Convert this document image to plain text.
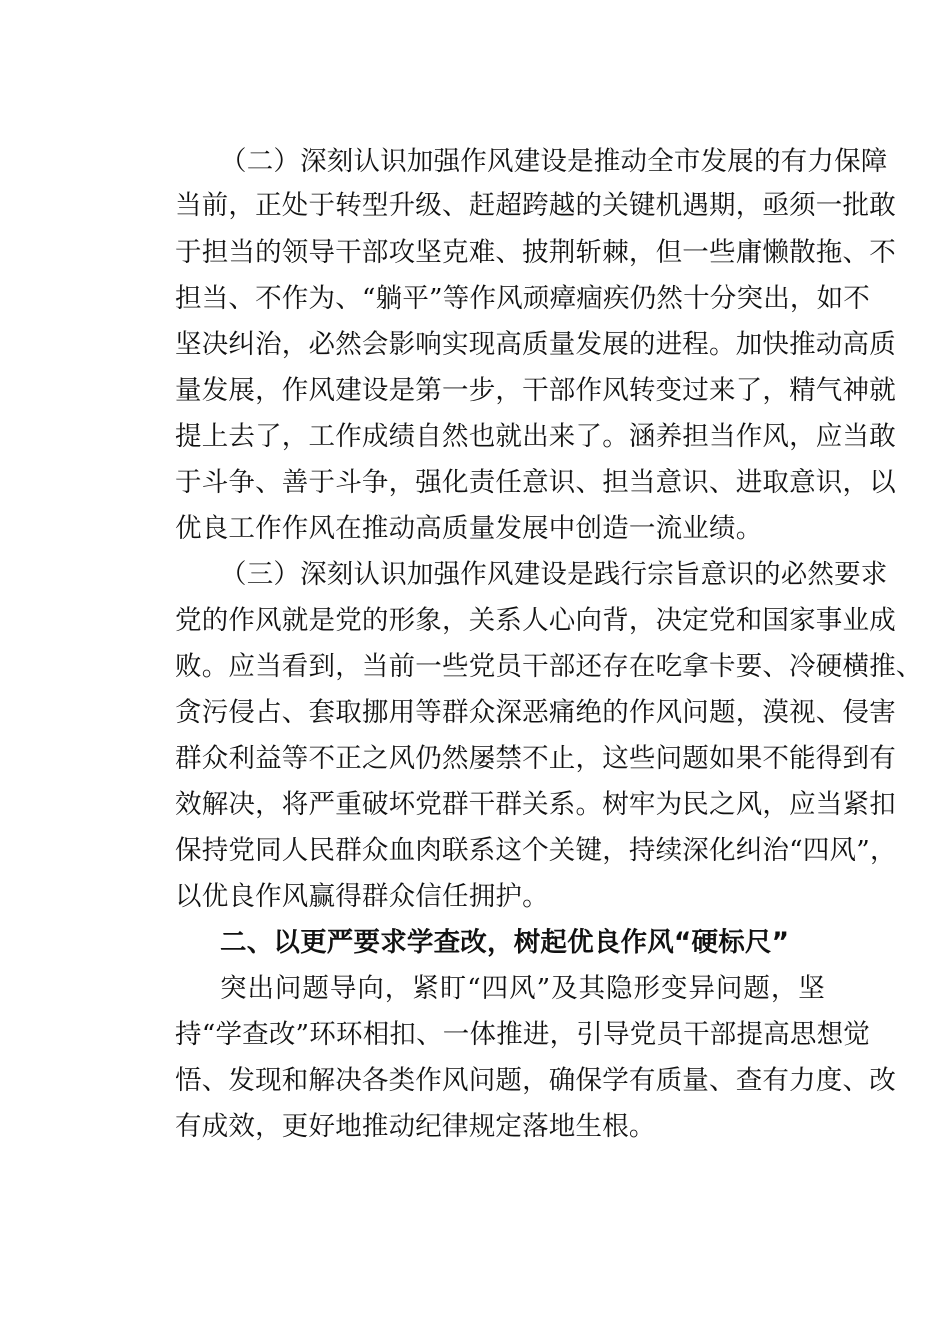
（二）深刻认识加强作风建设是推动全市发展的有力保障
当前，正处于转型升级、赶超跨越的关键机遇期，亟须一批敢
于担当的领导干部攻坚克难、披荆斩棘，但一些庸懒散拖、不
担当、不作为、“躺平”等作风顽瘴痼疾仍然十分突出，如不
坚决纠治，必然会影响实现高质量发展的进程。加快推动高质
量发展，作风建设是第一步，干部作风转变过来了，精气神就
提上去了，工作成绩自然也就出来了。涵养担当作风，应当敢
于斗争、善于斗争，强化责任意识、担当意识、进取意识，以
优良工作作风在推动高质量发展中创造一流业绩。
（三）深刻认识加强作风建设是践行宗旨意识的必然要求
党的作风就是党的形象，关系人心向背，决定党和国家事业成
败。应当看到，当前一些党员干部还存在吃拿卡要、冷硬横推、
贪污侵占、套取挪用等群众深恶痛绝的作风问题，漠视、侵害
群众利益等不正之风仍然屡禁不止，这些问题如果不能得到有
效解决，将严重破坏党群干群关系。树牢为民之风，应当紧扣
保持党同人民群众血肉联系这个关键，持续深化纠治“四风”，
以优良作风赢得群众信任拥护。
二、以更严要求学查改，树起优良作风“硬标尺”
突出问题导向，紧盯“四风”及其隐形变异问题，坚
持“学查改”环环相扣、一体推进，引导党员干部提高思想觉
悟、发现和解决各类作风问题，确保学有质量、查有力度、改
有成效，更好地推动纪律规定落地生根。
